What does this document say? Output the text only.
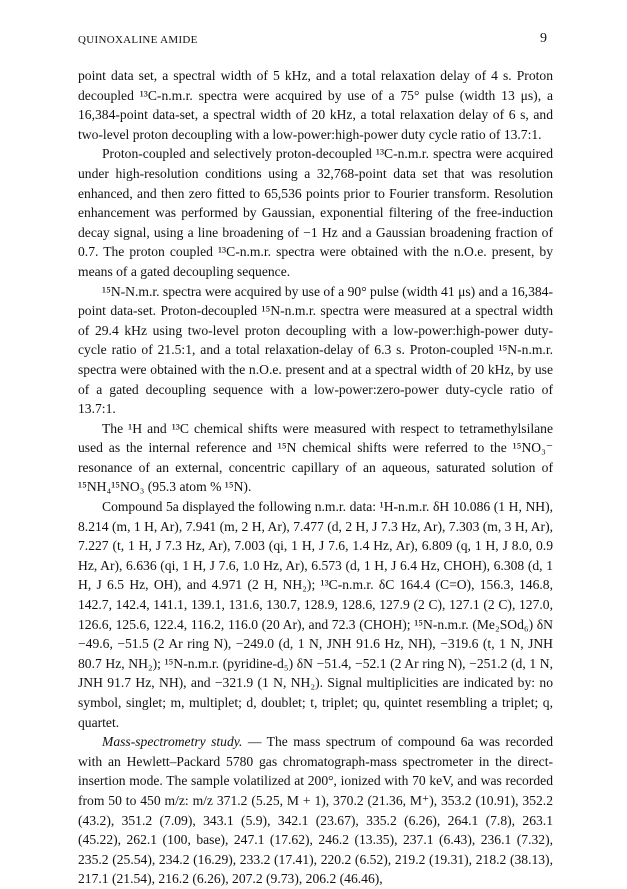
QUINOXALINE AMIDE	9

point data set, a spectral width of 5 kHz, and a total relaxation delay of 4 s. Proton decoupled ¹³C-n.m.r. spectra were acquired by use of a 75° pulse (width 13 μs), a 16,384-point data-set, a spectral width of 20 kHz, a total relaxation delay of 6 s, and two-level proton decoupling with a low-power:high-power duty cycle ratio of 13.7:1.

Proton-coupled and selectively proton-decoupled ¹³C-n.m.r. spectra were acquired under high-resolution conditions using a 32,768-point data set that was resolution enhanced, and then zero fitted to 65,536 points prior to Fourier transform. Resolution enhancement was performed by Gaussian, exponential filtering of the free-induction decay signal, using a line broadening of −1 Hz and a Gaussian broadening fraction of 0.7. The proton coupled ¹³C-n.m.r. spectra were obtained with the n.O.e. present, by means of a gated decoupling sequence.

¹⁵N-N.m.r. spectra were acquired by use of a 90° pulse (width 41 μs) and a 16,384-point data-set. Proton-decoupled ¹⁵N-n.m.r. spectra were measured at a spectral width of 29.4 kHz using two-level proton decoupling with a low-power:high-power duty-cycle ratio of 21.5:1, and a total relaxation-delay of 6.3 s. Proton-coupled ¹⁵N-n.m.r. spectra were obtained with the n.O.e. present and at a spectral width of 20 kHz, by use of a gated decoupling sequence with a low-power:zero-power duty-cycle ratio of 13.7:1.

The ¹H and ¹³C chemical shifts were measured with respect to tetramethylsilane used as the internal reference and ¹⁵N chemical shifts were referred to the ¹⁵NO₃⁻ resonance of an external, concentric capillary of an aqueous, saturated solution of ¹⁵NH₄¹⁵NO₃ (95.3 atom % ¹⁵N).

Compound 5a displayed the following n.m.r. data: ¹H-n.m.r. δH 10.086 (1 H, NH), 8.214 (m, 1 H, Ar), 7.941 (m, 2 H, Ar), 7.477 (d, 2 H, J 7.3 Hz, Ar), 7.303 (m, 3 H, Ar), 7.227 (t, 1 H, J 7.3 Hz, Ar), 7.003 (qi, 1 H, J 7.6, 1.4 Hz, Ar), 6.809 (q, 1 H, J 8.0, 0.9 Hz, Ar), 6.636 (qi, 1 H, J 7.6, 1.0 Hz, Ar), 6.573 (d, 1 H, J 6.4 Hz, CHOH), 6.308 (d, 1 H, J 6.5 Hz, OH), and 4.971 (2 H, NH₂); ¹³C-n.m.r. δC 164.4 (C=O), 156.3, 146.8, 142.7, 142.4, 141.1, 139.1, 131.6, 130.7, 128.9, 128.6, 127.9 (2 C), 127.1 (2 C), 127.0, 126.6, 125.6, 122.4, 116.2, 116.0 (20 Ar), and 72.3 (CHOH); ¹⁵N-n.m.r. (Me₂SOd₆) δN −49.6, −51.5 (2 Ar ring N), −249.0 (d, 1 N, JNH 91.6 Hz, NH), −319.6 (t, 1 N, JNH 80.7 Hz, NH₂); ¹⁵N-n.m.r. (pyridine-d₅) δN −51.4, −52.1 (2 Ar ring N), −251.2 (d, 1 N, JNH 91.7 Hz, NH), and −321.9 (1 N, NH₂). Signal multiplicities are indicated by: no symbol, singlet; m, multiplet; d, doublet; t, triplet; qu, quintet resembling a triplet; q, quartet.

Mass-spectrometry study. — The mass spectrum of compound 6a was recorded with an Hewlett–Packard 5780 gas chromatograph-mass spectrometer in the direct-insertion mode. The sample volatilized at 200°, ionized with 70 keV, and was recorded from 50 to 450 m/z: m/z 371.2 (5.25, M + 1), 370.2 (21.36, M⁺), 353.2 (10.91), 352.2 (43.2), 351.2 (7.09), 343.1 (5.9), 342.1 (23.67), 335.2 (6.26), 264.1 (7.8), 263.1 (45.22), 262.1 (100, base), 247.1 (17.62), 246.2 (13.35), 237.1 (6.43), 236.1 (7.32), 235.2 (25.54), 234.2 (16.29), 233.2 (17.41), 220.2 (6.52), 219.2 (19.31), 218.2 (38.13), 217.1 (21.54), 216.2 (6.26), 207.2 (9.73), 206.2 (46.46),
